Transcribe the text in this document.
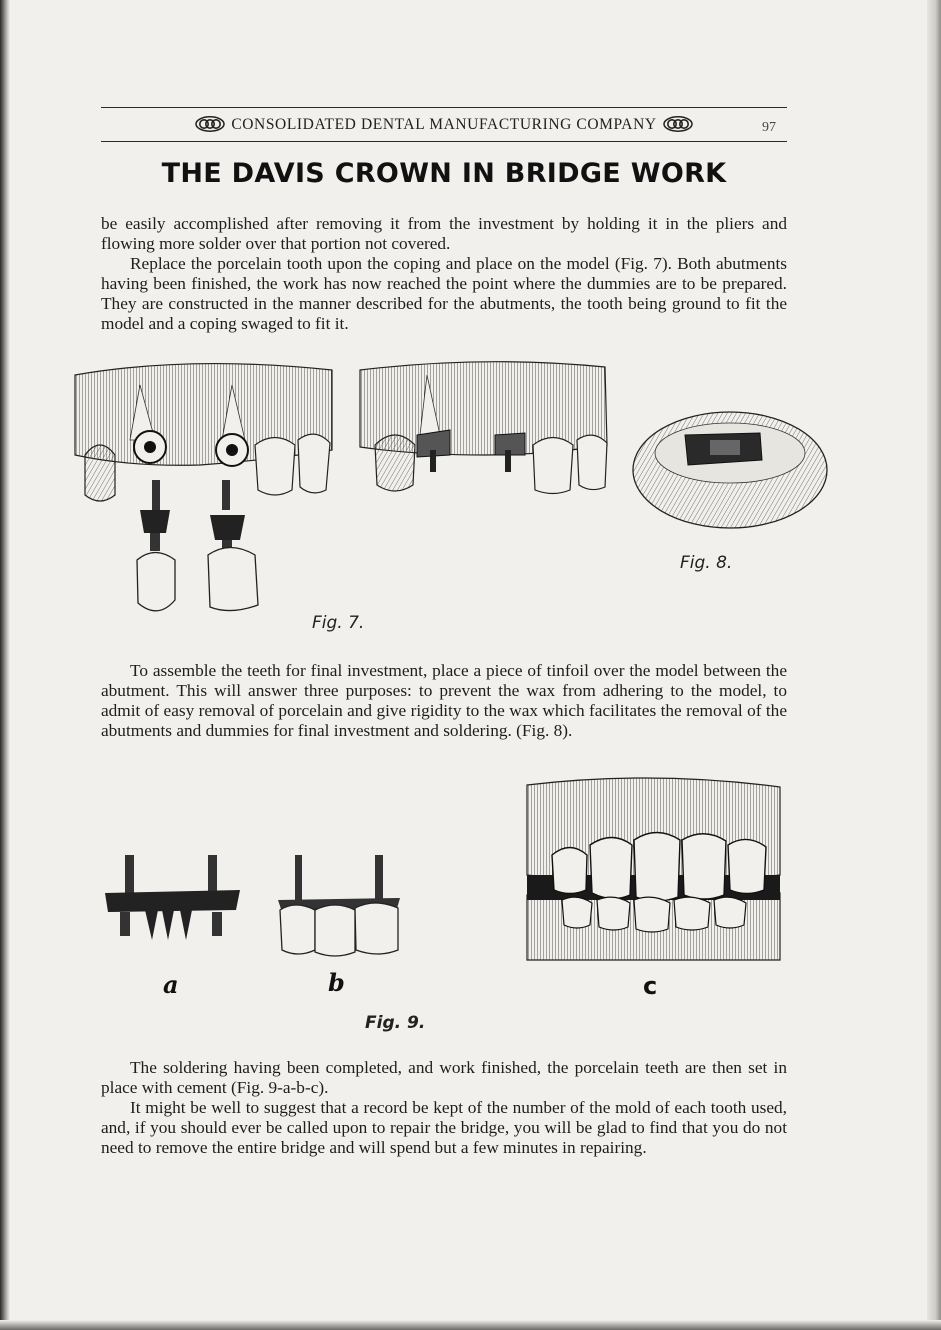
CONSOLIDATED DENTAL MANUFACTURING COMPANY	97
THE DAVIS CROWN IN BRIDGE WORK

be easily accomplished after removing it from the investment by holding it in the pliers and flowing more solder over that portion not covered.

Replace the porcelain tooth upon the coping and place on the model (Fig. 7). Both abutments having been finished, the work has now reached the point where the dummies are to be prepared. They are constructed in the manner described for the abutments, the tooth being ground to fit the model and a coping swaged to fit it.

Fig. 8.
Fig. 7.

To assemble the teeth for final investment, place a piece of tinfoil over the model between the abutment. This will answer three purposes: to prevent the wax from adhering to the model, to admit of easy removal of porcelain and give rigidity to the wax which facilitates the removal of the abutments and dummies for final investment and soldering. (Fig. 8).

a	b	c
Fig. 9.

The soldering having been completed, and work finished, the porcelain teeth are then set in place with cement (Fig. 9-a-b-c).

It might be well to suggest that a record be kept of the number of the mold of each tooth used, and, if you should ever be called upon to repair the bridge, you will be glad to find that you do not need to remove the entire bridge and will spend but a few minutes in repairing.
